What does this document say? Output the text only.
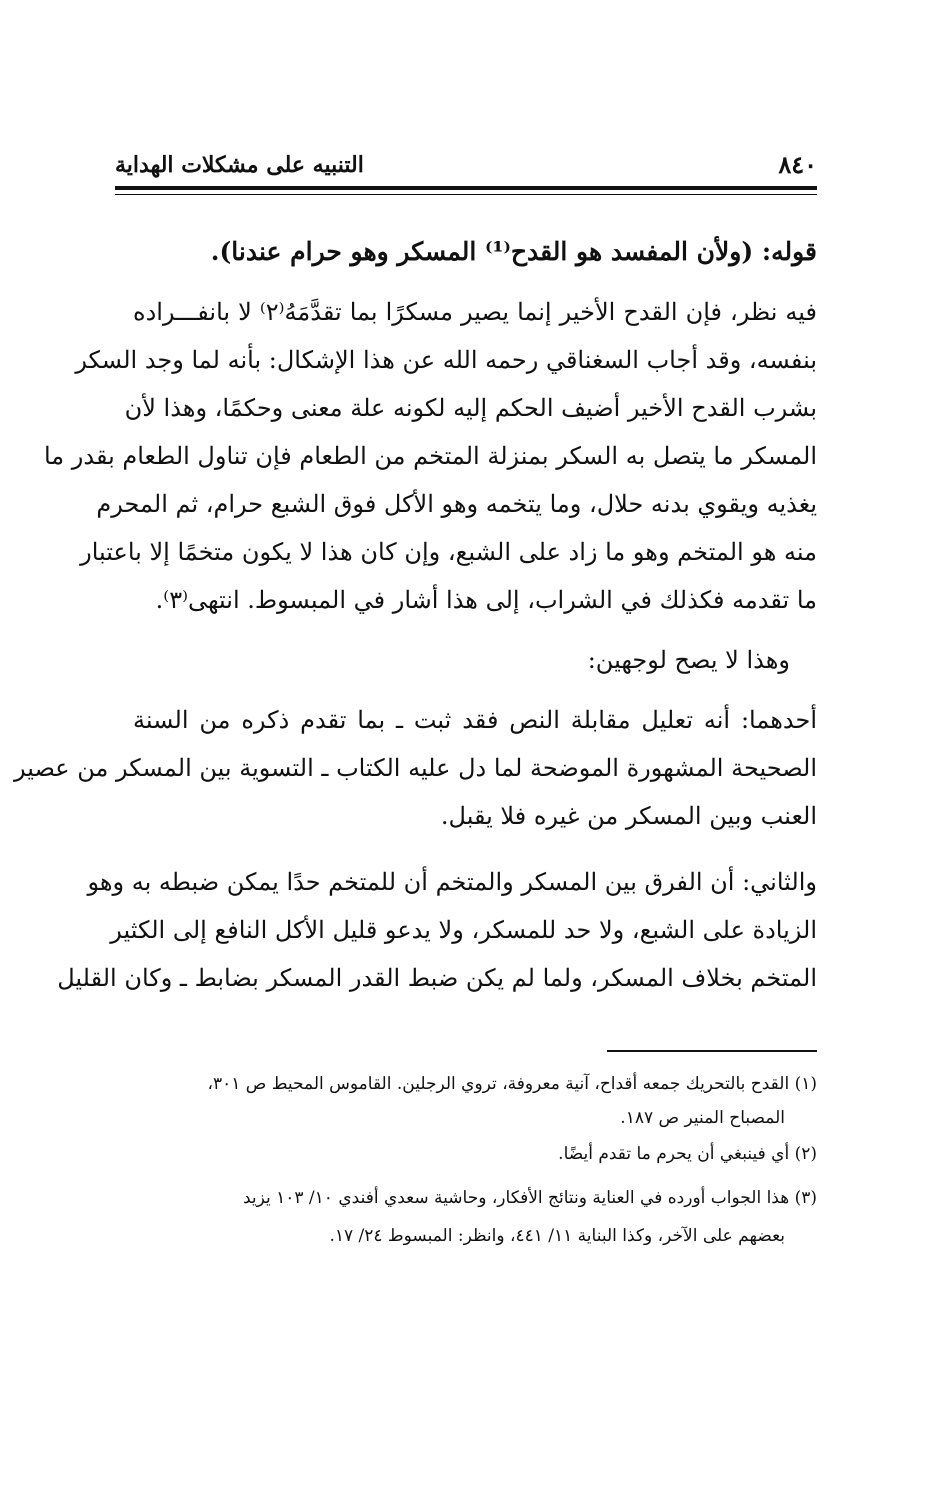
٨٤٠
التنبيه على مشكلات الهداية
قوله: (ولأن المفسد هو القدح⁽¹⁾ المسكر وهو حرام عندنا).
فيه نظر، فإن القدح الأخير إنما يصير مسكرًا بما تقدَّمَهُ⁽٢⁾ لا بانفـــراده
بنفسه، وقد أجاب السغناقي رحمه الله عن هذا الإشكال: بأنه لما وجد السكر
بشرب القدح الأخير أضيف الحكم إليه لكونه علة معنى وحكمًا، وهذا لأن
المسكر ما يتصل به السكر بمنزلة المتخم من الطعام فإن تناول الطعام بقدر ما
يغذيه ويقوي بدنه حلال، وما يتخمه وهو الأكل فوق الشبع حرام، ثم المحرم
منه هو المتخم وهو ما زاد على الشبع، وإن كان هذا لا يكون متخمًا إلا باعتبار
ما تقدمه فكذلك في الشراب، إلى هذا أشار في المبسوط. انتهى⁽٣⁾.
وهذا لا يصح لوجهين:
أحدهما: أنه تعليل مقابلة النص فقد ثبت ـ بما تقدم ذكره من السنة
الصحيحة المشهورة الموضحة لما دل عليه الكتاب ـ التسوية بين المسكر من عصير
العنب وبين المسكر من غيره فلا يقبل.
والثاني: أن الفرق بين المسكر والمتخم أن للمتخم حدًا يمكن ضبطه به وهو
الزيادة على الشبع، ولا حد للمسكر، ولا يدعو قليل الأكل النافع إلى الكثير
المتخم بخلاف المسكر، ولما لم يكن ضبط القدر المسكر بضابط ـ وكان القليل
(١) القدح بالتحريك جمعه أقداح، آنية معروفة، تروي الرجلين. القاموس المحيط ص ٣٠١،
المصباح المنير ص ١٨٧.
(٢) أي فينبغي أن يحرم ما تقدم أيضًا.
(٣) هذا الجواب أورده في العناية ونتائج الأفكار، وحاشية سعدي أفندي ١٠/ ١٠٣ يزيد
بعضهم على الآخر، وكذا البناية ١١/ ٤٤١، وانظر: المبسوط ٢٤/ ١٧.
